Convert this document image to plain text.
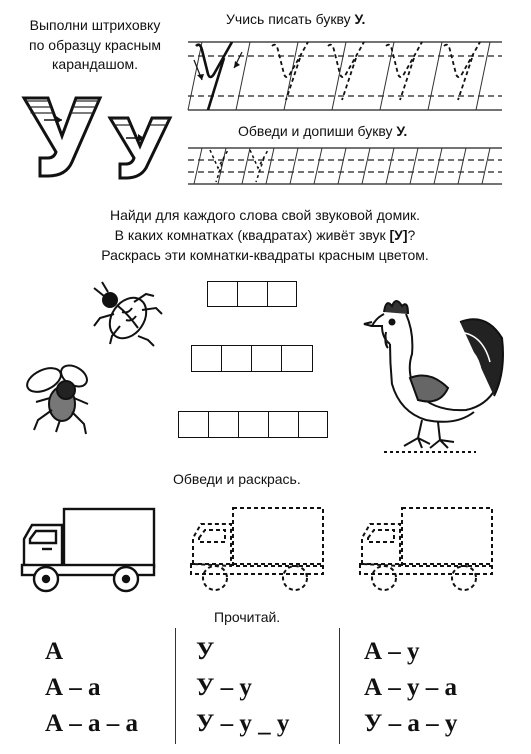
Выполни штриховку
по образцу красным
карандашом.
Учись писать букву У.
Обведи и допиши букву У.
Найди для каждого слова свой звуковой домик.
В каких комнатках (квадратах) живёт звук [У]?
Раскрась эти комнатки-квадраты красным цветом.
Обведи и раскрась.
Прочитай.
А
А – а
А – а – а
У
У – у
У – у _ у
А – у
А – у – а
У – а – у
